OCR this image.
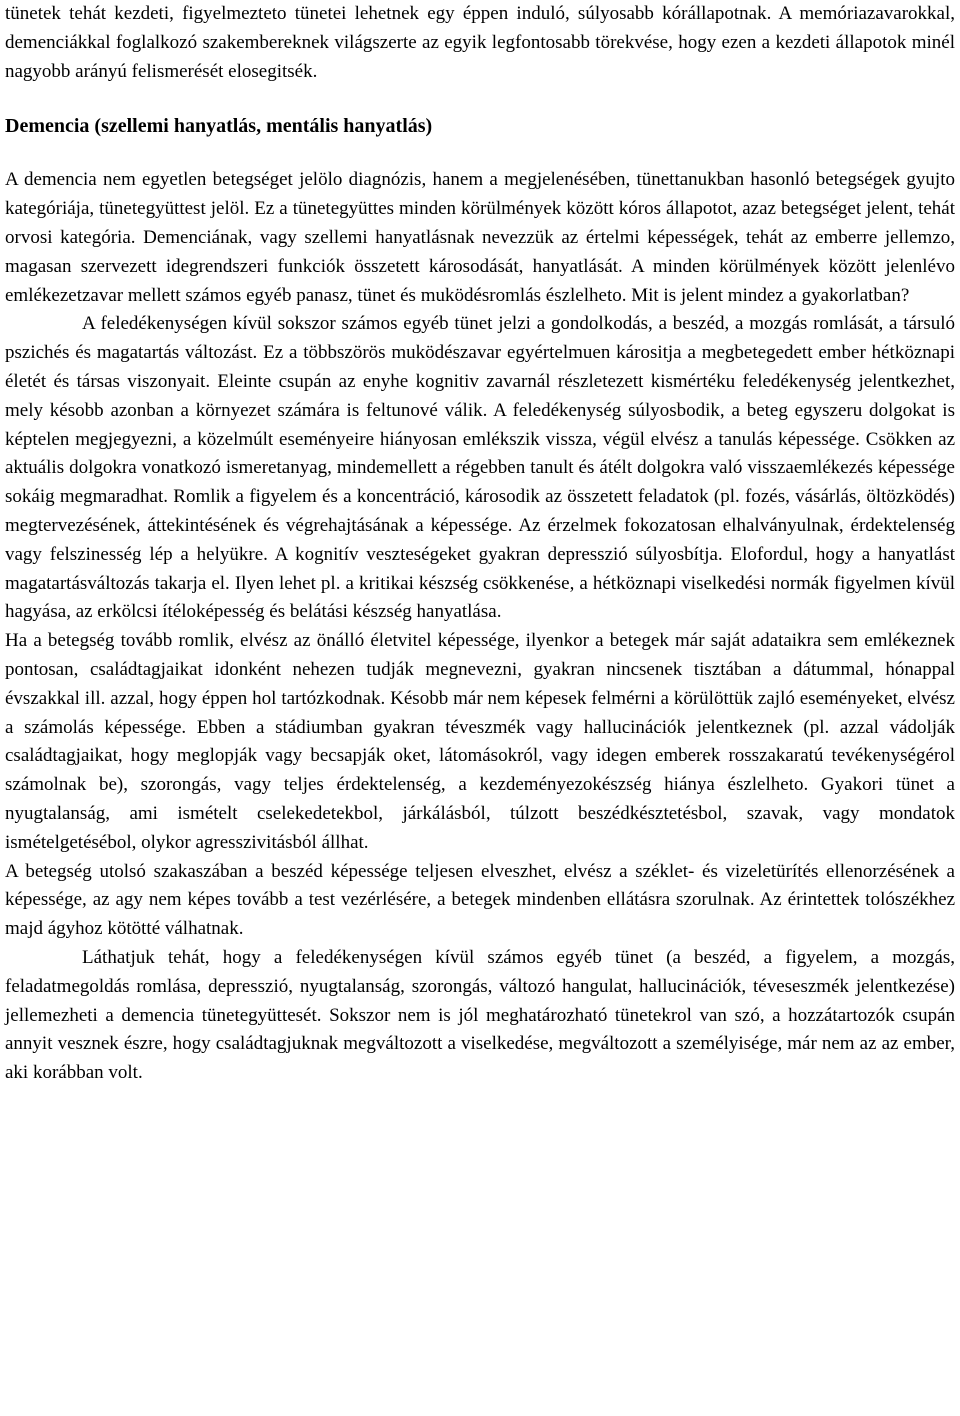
tünetek tehát kezdeti, figyelmezteto tünetei lehetnek egy éppen induló, súlyosabb kórállapotnak. A memóriazavarokkal, demenciákkal foglalkozó szakembereknek világszerte az egyik legfontosabb törekvése, hogy ezen a kezdeti állapotok minél nagyobb arányú felismerését elosegitsék.

Demencia (szellemi hanyatlás, mentális hanyatlás)

A demencia nem egyetlen betegséget jelölo diagnózis, hanem a megjelenésében, tünettanukban hasonló betegségek gyujto kategóriája, tünetegyüttest jelöl. Ez a tünetegyüttes minden körülmények között kóros állapotot, azaz betegséget jelent, tehát orvosi kategória. Demenciának, vagy szellemi hanyatlásnak nevezzük az értelmi képességek, tehát az emberre jellemzo, magasan szervezett idegrendszeri funkciók összetett károsodását, hanyatlását. A minden körülmények között jelenlévo emlékezetzavar mellett számos egyéb panasz, tünet és muködésromlás észlelheto. Mit is jelent mindez a gyakorlatban?

A feledékenységen kívül sokszor számos egyéb tünet jelzi a gondolkodás, a beszéd, a mozgás romlását, a társuló pszichés és magatartás változást. Ez a többszörös muködészavar egyértelmuen kárositja a megbetegedett ember hétköznapi életét és társas viszonyait. Eleinte csupán az enyhe kognitiv zavarnál részletezett kismértéku feledékenység jelentkezhet, mely késobb azonban a környezet számára is feltunové válik. A feledékenység súlyosbodik, a beteg egyszeru dolgokat is képtelen megjegyezni, a közelmúlt eseményeire hiányosan emlékszik vissza, végül elvész a tanulás képessége. Csökken az aktuális dolgokra vonatkozó ismeretanyag, mindemellett a régebben tanult és átélt dolgokra való visszaemlékezés képessége sokáig megmaradhat. Romlik a figyelem és a koncentráció, károsodik az összetett feladatok (pl. fozés, vásárlás, öltözködés) megtervezésének, áttekintésének és végrehajtásának a képessége. Az érzelmek fokozatosan elhalványulnak, érdektelenség vagy felszinesség lép a helyükre. A kognitív veszteségeket gyakran depresszió súlyosbítja. Elofordul, hogy a hanyatlást magatartásváltozás takarja el. Ilyen lehet pl. a kritikai készség csökkenése, a hétköznapi viselkedési normák figyelmen kívül hagyása, az erkölcsi ítéloképesség és belátási készség hanyatlása.

Ha a betegség tovább romlik, elvész az önálló életvitel képessége, ilyenkor a betegek már saját adataikra sem emlékeznek pontosan, családtagjaikat idonként nehezen tudják megnevezni, gyakran nincsenek tisztában a dátummal, hónappal évszakkal ill. azzal, hogy éppen hol tartózkodnak. Késobb már nem képesek felmérni a körülöttük zajló eseményeket, elvész a számolás képessége. Ebben a stádiumban gyakran téveszmék vagy hallucinációk jelentkeznek (pl. azzal vádolják családtagjaikat, hogy meglopják vagy becsapják oket, látomásokról, vagy idegen emberek rosszakaratú tevékenységérol számolnak be), szorongás, vagy teljes érdektelenség, a kezdeményezokészség hiánya észlelheto. Gyakori tünet a nyugtalanság, ami ismételt cselekedetekbol, járkálásból, túlzott beszédkésztetésbol, szavak, vagy mondatok ismételgetésébol, olykor agresszivitásból állhat.

A betegség utolsó szakaszában a beszéd képessége teljesen elveszhet, elvész a széklet- és vizeletürítés ellenorzésének a képessége, az agy nem képes tovább a test vezérlésére, a betegek mindenben ellátásra szorulnak. Az érintettek tolószékhez majd ágyhoz kötötté válhatnak.

Láthatjuk tehát, hogy a feledékenységen kívül számos egyéb tünet (a beszéd, a figyelem, a mozgás, feladatmegoldás romlása, depresszió, nyugtalanság, szorongás, változó hangulat, hallucinációk, téveseszmék jelentkezése) jellemezheti a demencia tünetegyüttesét. Sokszor nem is jól meghatározható tünetekrol van szó, a hozzátartozók csupán annyit vesznek észre, hogy családtagjuknak megváltozott a viselkedése, megváltozott a személyisége, már nem az az ember, aki korábban volt.
